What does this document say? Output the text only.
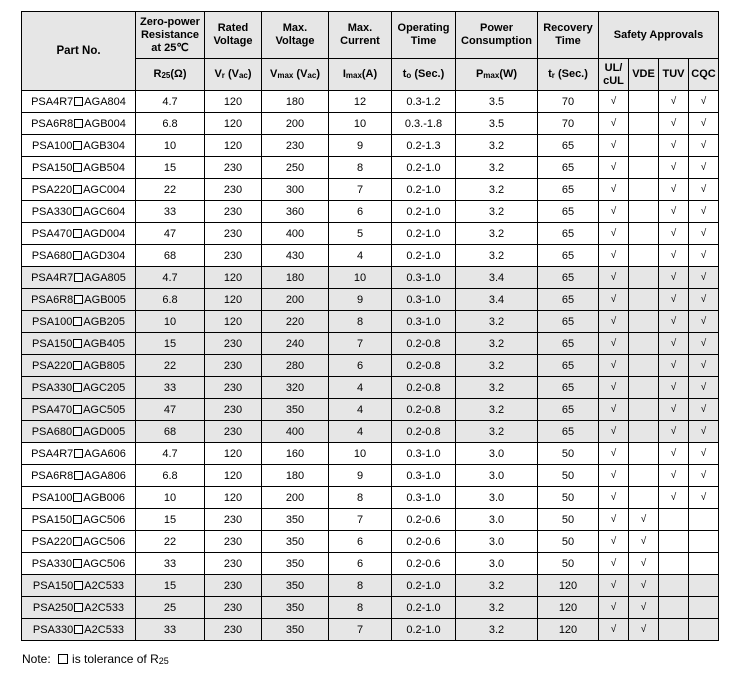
Part No.	Zero-power Resistance at 25℃	Rated Voltage	Max. Voltage	Max. Current	Operating Time	Power Consumption	Recovery Time	Safety Approvals			
	R25(Ω)	Vr (Vac)	Vmax (Vac)	Imax(A)	to (Sec.)	Pmax(W)	tr (Sec.)	UL/ cUL	VDE	TUV	CQC
PSA4R7 AGA804	4.7	120	180	12	0.3-1.2	3.5	70	√		√	√
PSA6R8 AGB004	6.8	120	200	10	0.3.-1.8	3.5	70	√		√	√
PSA100 AGB304	10	120	230	9	0.2-1.3	3.2	65	√		√	√
PSA150 AGB504	15	230	250	8	0.2-1.0	3.2	65	√		√	√
PSA220 AGC004	22	230	300	7	0.2-1.0	3.2	65	√		√	√
PSA330 AGC604	33	230	360	6	0.2-1.0	3.2	65	√		√	√
PSA470 AGD004	47	230	400	5	0.2-1.0	3.2	65	√		√	√
PSA680 AGD304	68	230	430	4	0.2-1.0	3.2	65	√		√	√
PSA4R7 AGA805	4.7	120	180	10	0.3-1.0	3.4	65	√		√	√
PSA6R8 AGB005	6.8	120	200	9	0.3-1.0	3.4	65	√		√	√
PSA100 AGB205	10	120	220	8	0.3-1.0	3.2	65	√		√	√
PSA150 AGB405	15	230	240	7	0.2-0.8	3.2	65	√		√	√
PSA220 AGB805	22	230	280	6	0.2-0.8	3.2	65	√		√	√
PSA330 AGC205	33	230	320	4	0.2-0.8	3.2	65	√		√	√
PSA470 AGC505	47	230	350	4	0.2-0.8	3.2	65	√		√	√
PSA680 AGD005	68	230	400	4	0.2-0.8	3.2	65	√		√	√
PSA4R7 AGA606	4.7	120	160	10	0.3-1.0	3.0	50	√		√	√
PSA6R8 AGA806	6.8	120	180	9	0.3-1.0	3.0	50	√		√	√
PSA100 AGB006	10	120	200	8	0.3-1.0	3.0	50	√		√	√
PSA150 AGC506	15	230	350	7	0.2-0.6	3.0	50	√	√		
PSA220 AGC506	22	230	350	6	0.2-0.6	3.0	50	√	√		
PSA330 AGC506	33	230	350	6	0.2-0.6	3.0	50	√	√		
PSA150 A2C533	15	230	350	8	0.2-1.0	3.2	120	√	√		
PSA250 A2C533	25	230	350	8	0.2-1.0	3.2	120	√	√		
PSA330 A2C533	33	230	350	7	0.2-1.0	3.2	120	√	√		
Note: is tolerance of R25
